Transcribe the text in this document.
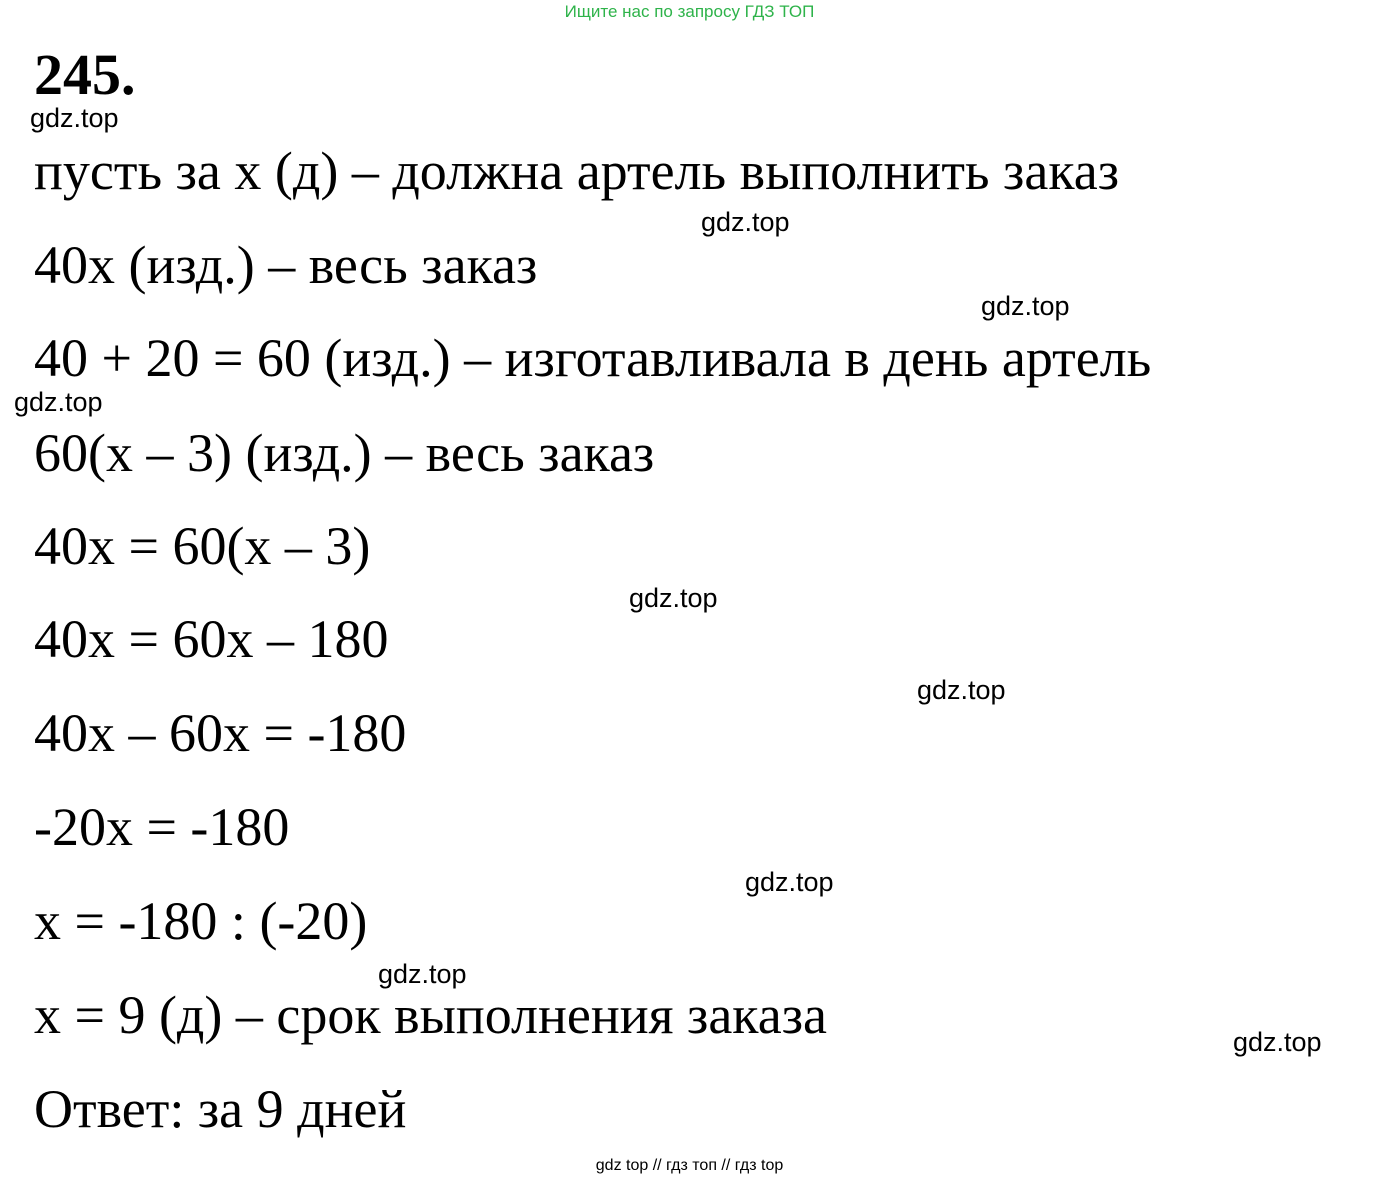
Ищите нас по запросу ГДЗ ТОП
245.
пусть за x (д) – должна артель выполнить заказ
40x (изд.) – весь заказ
40 + 20 = 60 (изд.) – изготавливала в день артель
60(x – 3) (изд.) – весь заказ
40x = 60(x – 3)
40x = 60x – 180
40x – 60x = -180
-20x = -180
x = -180 : (-20)
x = 9 (д) – срок выполнения заказа
Ответ: за 9 дней
gdz.top
gdz.top
gdz.top
gdz.top
gdz.top
gdz.top
gdz.top
gdz.top
gdz.top
gdz top // гдз топ // гдз top
